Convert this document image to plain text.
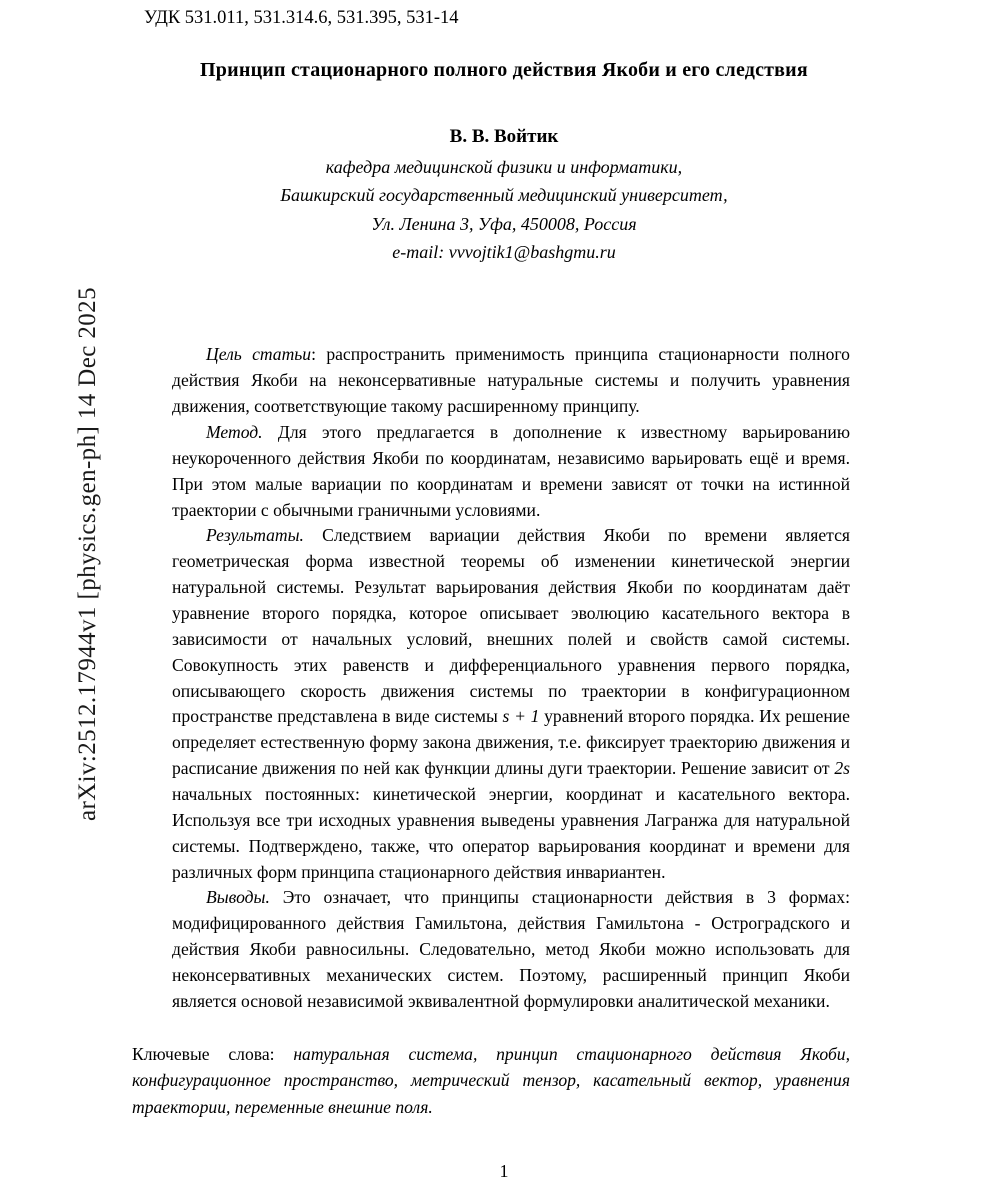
arXiv:2512.17944v1 [physics.gen-ph] 14 Dec 2025
УДК 531.011, 531.314.6, 531.395, 531-14
Принцип стационарного полного действия Якоби и его следствия
В. В. Войтик
кафедра медицинской физики и информатики,
Башкирский государственный медицинский университет,
Ул. Ленина 3, Уфа, 450008, Россия
e-mail: vvvojtik1@bashgmu.ru

Цель статьи: распространить применимость принципа стационарности полного действия Якоби на неконсервативные натуральные системы и получить уравнения движения, соответствующие такому расширенному принципу.

Метод. Для этого предлагается в дополнение к известному варьированию неукороченного действия Якоби по координатам, независимо варьировать ещё и время. При этом малые вариации по координатам и времени зависят от точки на истинной траектории с обычными граничными условиями.

Результаты. Следствием вариации действия Якоби по времени является геометрическая форма известной теоремы об изменении кинетической энергии натуральной системы. Результат варьирования действия Якоби по координатам даёт уравнение второго порядка, которое описывает эволюцию касательного вектора в зависимости от начальных условий, внешних полей и свойств самой системы. Совокупность этих равенств и дифференциального уравнения первого порядка, описывающего скорость движения системы по траектории в конфигурационном пространстве представлена в виде системы s + 1 уравнений второго порядка. Их решение определяет естественную форму закона движения, т.е. фиксирует траекторию движения и расписание движения по ней как функции длины дуги траектории. Решение зависит от 2s начальных постоянных: кинетической энергии, координат и касательного вектора. Используя все три исходных уравнения выведены уравнения Лагранжа для натуральной системы. Подтверждено, также, что оператор варьирования координат и времени для различных форм принципа стационарного действия инвариантен.

Выводы. Это означает, что принципы стационарности действия в 3 формах: модифицированного действия Гамильтона, действия Гамильтона - Остроградского и действия Якоби равносильны. Следовательно, метод Якоби можно использовать для неконсервативных механических систем. Поэтому, расширенный принцип Якоби является основой независимой эквивалентной формулировки аналитической механики.

Ключевые слова: натуральная система, принцип стационарного действия Якоби, конфигурационное пространство, метрический тензор, касательный вектор, уравнения траектории, переменные внешние поля.
1
